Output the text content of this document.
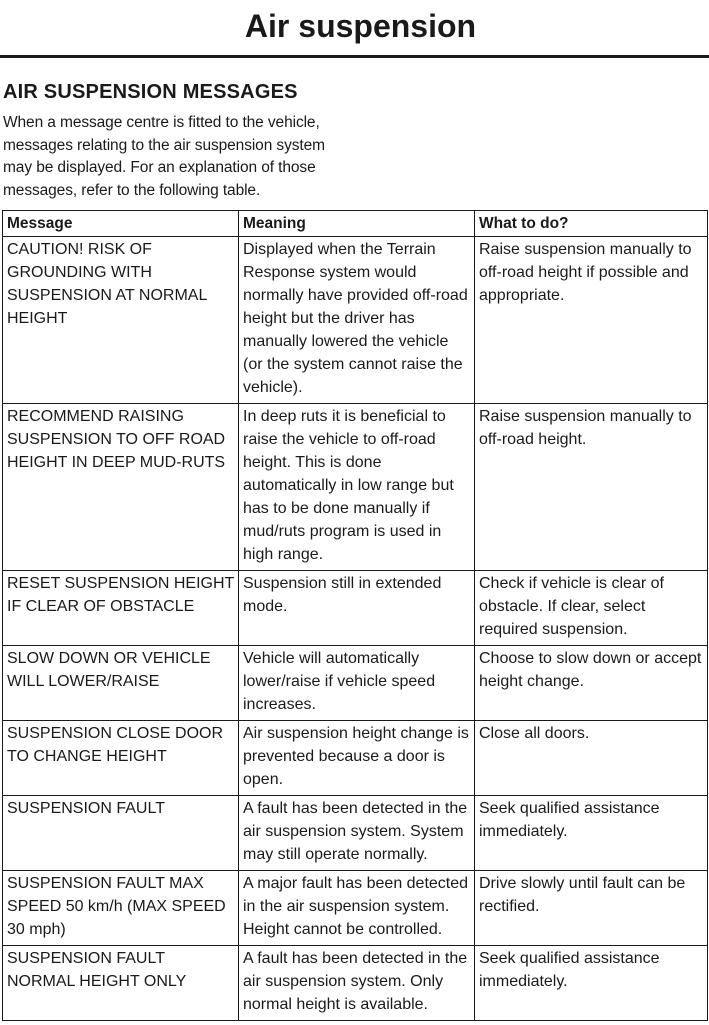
Air suspension
AIR SUSPENSION MESSAGES

When a message centre is fitted to the vehicle, messages relating to the air suspension system may be displayed. For an explanation of those messages, refer to the following table.

Message	Meaning	What to do?
CAUTION! RISK OF GROUNDING WITH SUSPENSION AT NORMAL HEIGHT	Displayed when the Terrain Response system would normally have provided off-road height but the driver has manually lowered the vehicle (or the system cannot raise the vehicle).	Raise suspension manually to off-road height if possible and appropriate.
RECOMMEND RAISING SUSPENSION TO OFF ROAD HEIGHT IN DEEP MUD-RUTS	In deep ruts it is beneficial to raise the vehicle to off-road height. This is done automatically in low range but has to be done manually if mud/ruts program is used in high range.	Raise suspension manually to off-road height.
RESET SUSPENSION HEIGHT IF CLEAR OF OBSTACLE	Suspension still in extended mode.	Check if vehicle is clear of obstacle. If clear, select required suspension.
SLOW DOWN OR VEHICLE WILL LOWER/RAISE	Vehicle will automatically lower/raise if vehicle speed increases.	Choose to slow down or accept height change.
SUSPENSION CLOSE DOOR TO CHANGE HEIGHT	Air suspension height change is prevented because a door is open.	Close all doors.
SUSPENSION FAULT	A fault has been detected in the air suspension system. System may still operate normally.	Seek qualified assistance immediately.
SUSPENSION FAULT MAX SPEED 50 km/h (MAX SPEED 30 mph)	A major fault has been detected in the air suspension system. Height cannot be controlled.	Drive slowly until fault can be rectified.
SUSPENSION FAULT NORMAL HEIGHT ONLY	A fault has been detected in the air suspension system. Only normal height is available.	Seek qualified assistance immediately.
